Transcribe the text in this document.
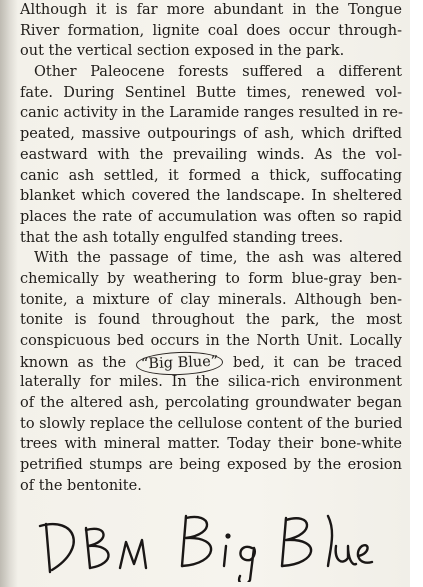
Although it is far more abundant in the Tongue
River formation, lignite coal does occur through-
out the vertical section exposed in the park.
Other Paleocene forests suffered a different
fate. During Sentinel Butte times, renewed vol-
canic activity in the Laramide ranges resulted in re-
peated, massive outpourings of ash, which drifted
eastward with the prevailing winds. As the vol-
canic ash settled, it formed a thick, suffocating
blanket which covered the landscape. In sheltered
places the rate of accumulation was often so rapid
that the ash totally engulfed standing trees.
With the passage of time, the ash was altered
chemically by weathering to form blue-gray ben-
tonite, a mixture of clay minerals. Although ben-
tonite is found throughout the park, the most
conspicuous bed occurs in the North Unit. Locally
known as the “Big Blue” bed, it can be traced
laterally for miles. In the silica-rich environment
of the altered ash, percolating groundwater began
to slowly replace the cellulose content of the buried
trees with mineral matter. Today their bone-white
petrified stumps are being exposed by the erosion
of the bentonite.
